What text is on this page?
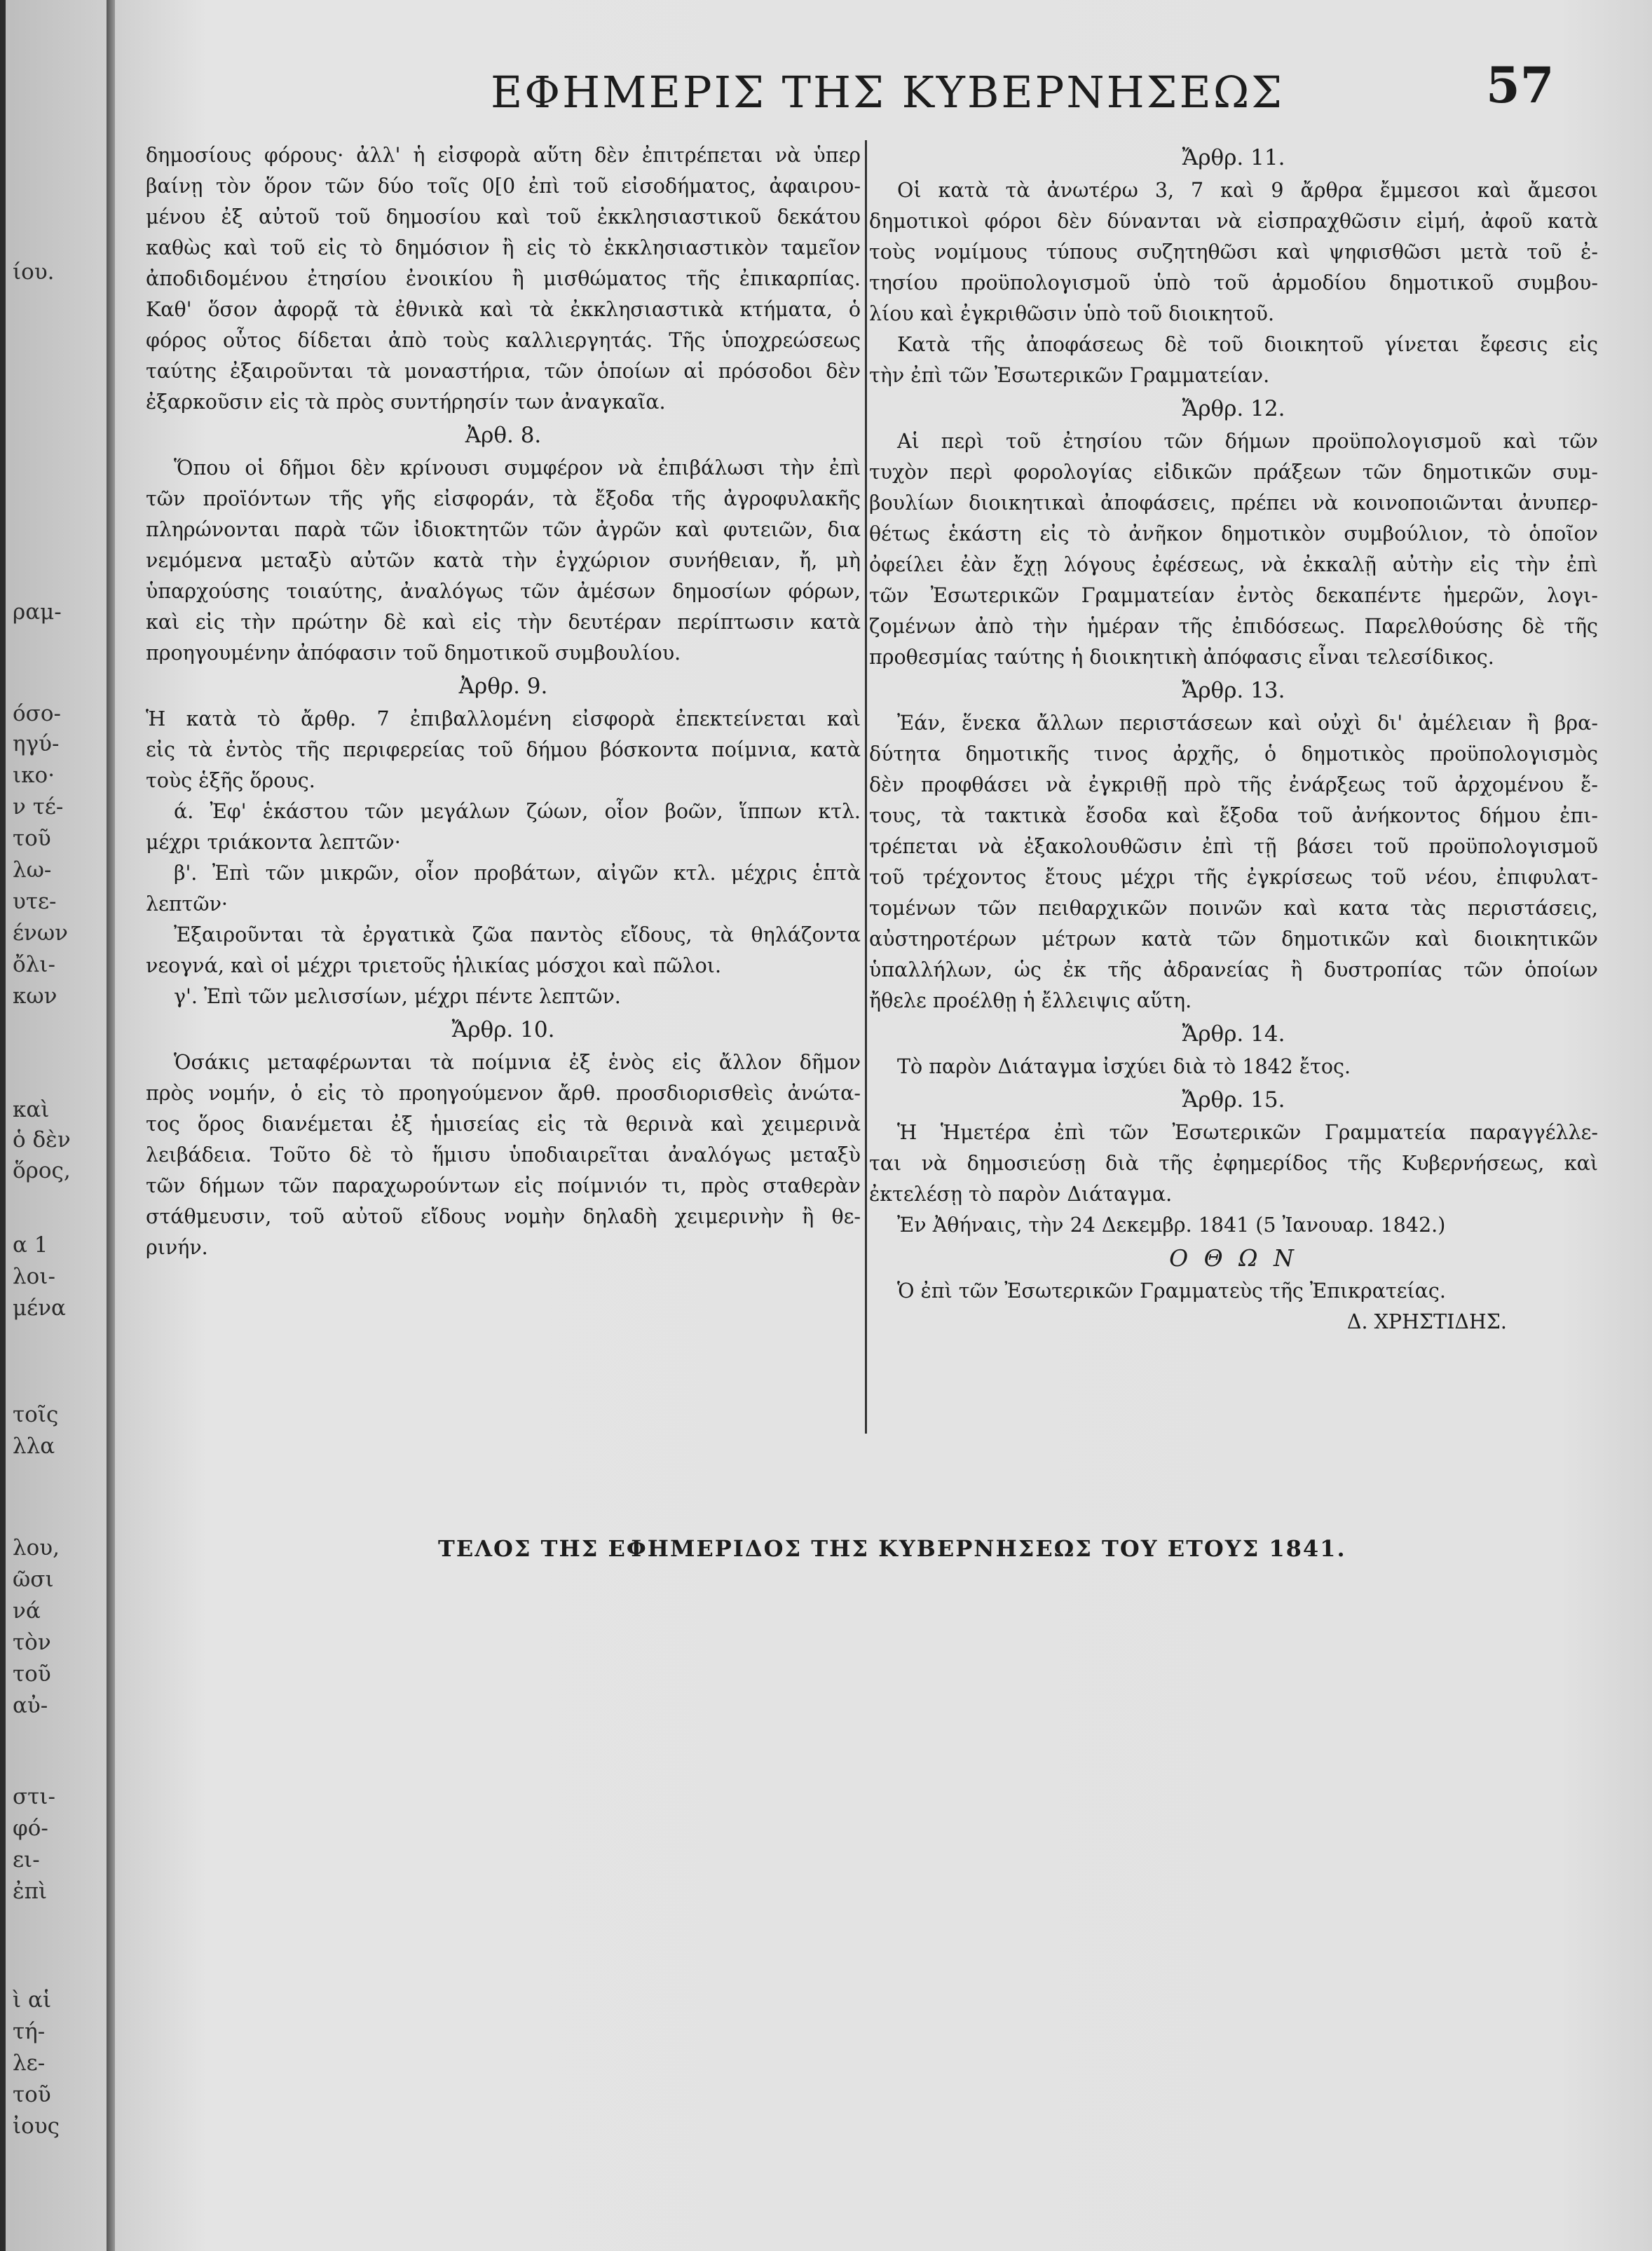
ίου.
ραμ-
όσο-
ηγύ-
ικο·
ν τέ-
τοῦ
λω-
υτε-
ένων
ὄλι-
κων
καὶ
ὁ δὲν
ὅρος,
α 1
λοι-
μένα
τοῖς
λλα
λου,
ῶσι
νά
τὸν
τοῦ
αὐ-
στι-
φό-
ει-
ἐπὶ
ὶ αἱ
τή-
λε-
τοῦ
ἰους
ΕΦΗΜΕΡΙΣ ΤΗΣ ΚΥΒΕΡΝΗΣΕΩΣ	57
δημοσίους φόρους· ἀλλ' ἡ εἰσφορὰ αὕτη δὲν ἐπιτρέπεται νὰ ὑπερ
βαίνῃ τὸν ὅρον τῶν δύο τοῖς 0[0 ἐπὶ τοῦ εἰσοδήματος, ἀφαιρου-
μένου ἐξ αὐτοῦ τοῦ δημοσίου καὶ τοῦ ἐκκλησιαστικοῦ δεκάτου
καθὼς καὶ τοῦ εἰς τὸ δημόσιον ἢ εἰς τὸ ἐκκλησιαστικὸν ταμεῖον
ἀποδιδομένου ἐτησίου ἐνοικίου ἢ μισθώματος τῆς ἐπικαρπίας.
Καθ' ὅσον ἀφορᾷ τὰ ἐθνικὰ καὶ τὰ ἐκκλησιαστικὰ κτήματα, ὁ
φόρος οὗτος δίδεται ἀπὸ τοὺς καλλιεργητάς. Τῆς ὑποχρεώσεως
ταύτης ἐξαιροῦνται τὰ μοναστήρια, τῶν ὁποίων αἱ πρόσοδοι δὲν
ἐξαρκοῦσιν εἰς τὰ πρὸς συντήρησίν των ἀναγκαῖα.
Ἀρθ. 8.
Ὅπου οἱ δῆμοι δὲν κρίνουσι συμφέρον νὰ ἐπιβάλωσι τὴν ἐπὶ
τῶν προϊόντων τῆς γῆς εἰσφοράν, τὰ ἔξοδα τῆς ἀγροφυλακῆς
πληρώνονται παρὰ τῶν ἰδιοκτητῶν τῶν ἀγρῶν καὶ φυτειῶν, δια
νεμόμενα μεταξὺ αὐτῶν κατὰ τὴν ἐγχώριον συνήθειαν, ἤ, μὴ
ὑπαρχούσης τοιαύτης, ἀναλόγως τῶν ἀμέσων δημοσίων φόρων,
καὶ εἰς τὴν πρώτην δὲ καὶ εἰς τὴν δευτέραν περίπτωσιν κατὰ
προηγουμένην ἀπόφασιν τοῦ δημοτικοῦ συμβουλίου.
Ἀρθρ. 9.
Ἡ κατὰ τὸ ἄρθρ. 7 ἐπιβαλλομένη εἰσφορὰ ἐπεκτείνεται καὶ
εἰς τὰ ἐντὸς τῆς περιφερείας τοῦ δήμου βόσκοντα ποίμνια, κατὰ
τοὺς ἑξῆς ὅρους.
ά. Ἐφ' ἑκάστου τῶν μεγάλων ζώων, οἷον βοῶν, ἵππων κτλ.
μέχρι τριάκοντα λεπτῶν·
β'. Ἐπὶ τῶν μικρῶν, οἷον προβάτων, αἰγῶν κτλ. μέχρις ἑπτὰ
λεπτῶν·
Ἐξαιροῦνται τὰ ἐργατικὰ ζῶα παντὸς εἴδους, τὰ θηλάζοντα
νεογνά, καὶ οἱ μέχρι τριετοῦς ἡλικίας μόσχοι καὶ πῶλοι.
γ'. Ἐπὶ τῶν μελισσίων, μέχρι πέντε λεπτῶν.
Ἄρθρ. 10.
Ὁσάκις μεταφέρωνται τὰ ποίμνια ἐξ ἑνὸς εἰς ἄλλον δῆμον
πρὸς νομήν, ὁ εἰς τὸ προηγούμενον ἄρθ. προσδιορισθεὶς ἀνώτα-
τος ὅρος διανέμεται ἐξ ἡμισείας εἰς τὰ θερινὰ καὶ χειμερινὰ
λειβάδεια. Τοῦτο δὲ τὸ ἥμισυ ὑποδιαιρεῖται ἀναλόγως μεταξὺ
τῶν δήμων τῶν παραχωρούντων εἰς ποίμνιόν τι, πρὸς σταθερὰν
στάθμευσιν, τοῦ αὐτοῦ εἴδους νομὴν δηλαδὴ χειμερινὴν ἢ θε-
ρινήν.
Ἄρθρ. 11.
Οἱ κατὰ τὰ ἀνωτέρω 3, 7 καὶ 9 ἄρθρα ἔμμεσοι καὶ ἄμεσοι
δημοτικοὶ φόροι δὲν δύνανται νὰ εἰσπραχθῶσιν εἰμή, ἀφοῦ κατὰ
τοὺς νομίμους τύπους συζητηθῶσι καὶ ψηφισθῶσι μετὰ τοῦ ἐ-
τησίου προϋπολογισμοῦ ὑπὸ τοῦ ἁρμοδίου δημοτικοῦ συμβου-
λίου καὶ ἐγκριθῶσιν ὑπὸ τοῦ διοικητοῦ.
Κατὰ τῆς ἀποφάσεως δὲ τοῦ διοικητοῦ γίνεται ἔφεσις εἰς
τὴν ἐπὶ τῶν Ἐσωτερικῶν Γραμματείαν.
Ἄρθρ. 12.
Αἱ περὶ τοῦ ἐτησίου τῶν δήμων προϋπολογισμοῦ καὶ τῶν
τυχὸν περὶ φορολογίας εἰδικῶν πράξεων τῶν δημοτικῶν συμ-
βουλίων διοικητικαὶ ἀποφάσεις, πρέπει νὰ κοινοποιῶνται ἀνυπερ-
θέτως ἑκάστη εἰς τὸ ἀνῆκον δημοτικὸν συμβούλιον, τὸ ὁποῖον
ὀφείλει ἐὰν ἔχῃ λόγους ἐφέσεως, νὰ ἐκκαλῇ αὐτὴν εἰς τὴν ἐπὶ
τῶν Ἐσωτερικῶν Γραμματείαν ἐντὸς δεκαπέντε ἡμερῶν, λογι-
ζομένων ἀπὸ τὴν ἡμέραν τῆς ἐπιδόσεως. Παρελθούσης δὲ τῆς
προθεσμίας ταύτης ἡ διοικητικὴ ἀπόφασις εἶναι τελεσίδικος.
Ἄρθρ. 13.
Ἐάν, ἕνεκα ἄλλων περιστάσεων καὶ οὐχὶ δι' ἀμέλειαν ἢ βρα-
δύτητα δημοτικῆς τινος ἀρχῆς, ὁ δημοτικὸς προϋπολογισμὸς
δὲν προφθάσει νὰ ἐγκριθῇ πρὸ τῆς ἐνάρξεως τοῦ ἀρχομένου ἔ-
τους, τὰ τακτικὰ ἔσοδα καὶ ἔξοδα τοῦ ἀνήκοντος δήμου ἐπι-
τρέπεται νὰ ἐξακολουθῶσιν ἐπὶ τῇ βάσει τοῦ προϋπολογισμοῦ
τοῦ τρέχοντος ἔτους μέχρι τῆς ἐγκρίσεως τοῦ νέου, ἐπιφυλατ-
τομένων τῶν πειθαρχικῶν ποινῶν καὶ κατα τὰς περιστάσεις,
αὐστηροτέρων μέτρων κατὰ τῶν δημοτικῶν καὶ διοικητικῶν
ὑπαλλήλων, ὡς ἐκ τῆς ἀδρανείας ἢ δυστροπίας τῶν ὁποίων
ἤθελε προέλθῃ ἡ ἔλλειψις αὕτη.
Ἄρθρ. 14.
Τὸ παρὸν Διάταγμα ἰσχύει διὰ τὸ 1842 ἔτος.
Ἄρθρ. 15.
Ἡ Ἡμετέρα ἐπὶ τῶν Ἐσωτερικῶν Γραμματεία παραγγέλλε-
ται νὰ δημοσιεύσῃ διὰ τῆς ἐφημερίδος τῆς Κυβερνήσεως, καὶ
ἐκτελέσῃ τὸ παρὸν Διάταγμα.
Ἐν Ἀθήναις, τὴν 24 Δεκεμβρ. 1841 (5 Ἰανουαρ. 1842.)
Ο Θ Ω Ν
Ὁ ἐπὶ τῶν Ἐσωτερικῶν Γραμματεὺς τῆς Ἐπικρατείας.
Δ. ΧΡΗΣΤΙΔΗΣ.
ΤΕΛΟΣ ΤΗΣ ΕΦΗΜΕΡΙΔΟΣ ΤΗΣ ΚΥΒΕΡΝΗΣΕΩΣ ΤΟΥ ΕΤΟΥΣ 1841.
